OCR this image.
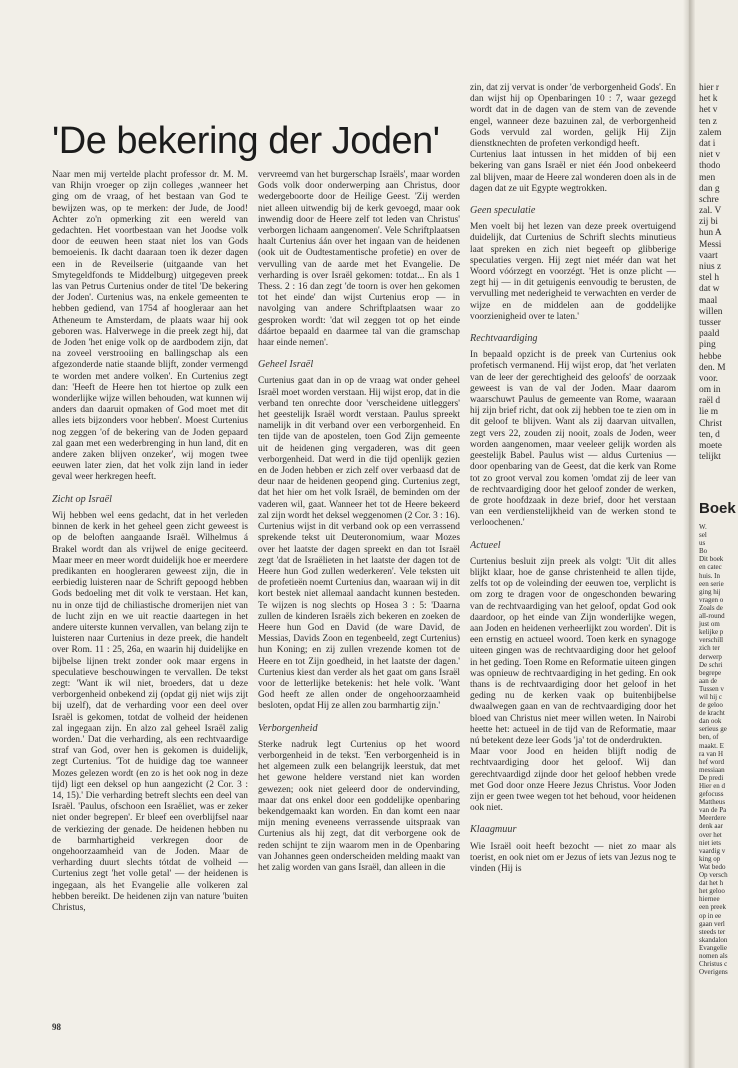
'De bekering der Joden'

Naar men mij vertelde placht professor dr. M. M. van Rhijn vroeger op zijn colleges ,wanneer het ging om de vraag, of het bestaan van God te bewijzen was, op te merken: der Jude, de Jood! Achter zo'n opmerking zit een wereld van gedachten. Het voortbestaan van het Joodse volk door de eeuwen heen staat niet los van Gods bemoeienis. Ik dacht daaraan toen ik dezer dagen een in de Reveilserie (uitgaande van het Smytegeldfonds te Middelburg) uitgegeven preek las van Petrus Curtenius onder de titel 'De bekering der Joden'. Curtenius was, na enkele gemeenten te hebben gediend, van 1754 af hoogleraar aan het Atheneum te Amsterdam, de plaats waar hij ook geboren was. Halverwege in die preek zegt hij, dat de Joden 'het enige volk op de aardbodem zijn, dat na zoveel verstrooiing en ballingschap als een afgezonderde natie staande blijft, zonder vermengd te worden met andere volken'. En Curtenius zegt dan: 'Heeft de Heere hen tot hiertoe op zulk een wonderlijke wijze willen behouden, wat kunnen wij anders dan daaruit opmaken of God moet met dit alles iets bijzonders voor hebben'. Moest Curtenius nog zeggen 'of de bekering van de Joden gepaard zal gaan met een wederbrenging in hun land, dit en andere zaken blijven onzeker', wij mogen twee eeuwen later zien, dat het volk zijn land in ieder geval weer herkregen heeft.

Zicht op Israël

Wij hebben wel eens gedacht, dat in het verleden binnen de kerk in het geheel geen zicht geweest is op de beloften aangaande Israël. Wilhelmus á Brakel wordt dan als vrijwel de enige geciteerd. Maar meer en meer wordt duidelijk hoe er meerdere predikanten en hoogleraren geweest zijn, die in eerbiedig luisteren naar de Schrift gepoogd hebben Gods bedoeling met dit volk te verstaan. Het kan, nu in onze tijd de chiliastische dromerijen niet van de lucht zijn en we uit reactie daartegen in het andere uiterste kunnen vervallen, van belang zijn te luisteren naar Curtenius in deze preek, die handelt over Rom. 11 : 25, 26a, en waarin hij duidelijke en bijbelse lijnen trekt zonder ook maar ergens in speculatieve beschouwingen te vervallen. De tekst zegt: 'Want ik wil niet, broeders, dat u deze verborgenheid onbekend zij (opdat gij niet wijs zijt bij uzelf), dat de verharding voor een deel over Israël is gekomen, totdat de volheid der heidenen zal ingegaan zijn. En alzo zal geheel Israël zalig worden.' Dat die verharding, als een rechtvaardige straf van God, over hen is gekomen is duidelijk, zegt Curtenius. 'Tot de huidige dag toe wanneer Mozes gelezen wordt (en zo is het ook nog in deze tijd) ligt een deksel op hun aangezicht (2 Cor. 3 : 14, 15).' Die verharding betreft slechts een deel van Israël. 'Paulus, ofschoon een Israëliet, was er zeker niet onder begrepen'. Er bleef een overblijfsel naar de verkiezing der genade. De heidenen hebben nu de barmhartigheid verkregen door de ongehoorzaamheid van de Joden. Maar de verharding duurt slechts tótdat de volheid — Curtenius zegt 'het volle getal' — der heidenen is ingegaan, als het Evangelie alle volkeren zal hebben bereikt. De heidenen zijn van nature 'buiten Christus,

vervreemd van het burgerschap Israëls', maar worden Gods volk door onderwerping aan Christus, door wedergeboorte door de Heilige Geest. 'Zij werden niet alleen uitwendig bij de kerk gevoegd, maar ook inwendig door de Heere zelf tot leden van Christus' verborgen lichaam aangenomen'. Vele Schriftplaatsen haalt Curtenius áán over het ingaan van de heidenen (ook uit de Oudtestamentische profetie) en over de vervulling van de aarde met het Evangelie. De verharding is over Israël gekomen: totdat... En als 1 Thess. 2 : 16 dan zegt 'de toorn is over hen gekomen tot het einde' dan wijst Curtenius erop — in navolging van andere Schriftplaatsen waar zo gesproken wordt: 'dat wil zeggen tot op het einde dáártoe bepaald en daarmee tal van die gramschap haar einde nemen'.

Geheel Israël

Curtenius gaat dan in op de vraag wat onder geheel Israël moet worden verstaan. Hij wijst erop, dat in die verband ten onrechte door 'verscheidene uitleggers' het geestelijk Israël wordt verstaan. Paulus spreekt namelijk in dit verband over een verborgenheid. En ten tijde van de apostelen, toen God Zijn gemeente uit de heidenen ging vergaderen, was dit geen verborgenheid. Dat werd in die tijd openlijk gezien en de Joden hebben er zich zelf over verbaasd dat de deur naar de heidenen geopend ging. Curtenius zegt, dat het hier om het volk Israël, de beminden om der vaderen wil, gaat. Wanneer het tot de Heere bekeerd zal zijn wordt het deksel weggenomen (2 Cor. 3 : 16). Curtenius wijst in dit verband ook op een verrassend sprekende tekst uit Deuteronomium, waar Mozes over het laatste der dagen spreekt en dan tot Israël zegt 'dat de Israëlieten in het laatste der dagen tot de Heere hun God zullen wederkeren'. Vele teksten uit de profetieën noemt Curtenius dan, waaraan wij in dit kort bestek niet allemaal aandacht kunnen besteden. Te wijzen is nog slechts op Hosea 3 : 5: 'Daarna zullen de kinderen Israëls zich bekeren en zoeken de Heere hun God en David (de ware David, de Messias, Davids Zoon en tegenbeeld, zegt Curtenius) hun Koning; en zij zullen vrezende komen tot de Heere en tot Zijn goedheid, in het laatste der dagen.' Curtenius kiest dan verder als het gaat om gans Israël voor de letterlijke betekenis: het hele volk. 'Want God heeft ze allen onder de ongehoorzaamheid besloten, opdat Hij ze allen zou barmhartig zijn.'

Verborgenheid

Sterke nadruk legt Curtenius op het woord verborgenheid in de tekst. 'Een verborgenheid is in het algemeen zulk een belangrijk leerstuk, dat met het gewone heldere verstand niet kan worden gewezen; ook niet geleerd door de ondervinding, maar dat ons enkel door een goddelijke openbaring bekendgemaakt kan worden. En dan komt een naar mijn mening eveneens verrassende uitspraak van Curtenius als hij zegt, dat dit verborgene ook de reden schijnt te zijn waarom men in de Openbaring van Johannes geen onderscheiden melding maakt van het zalig worden van gans Israël, dan alleen in die

zin, dat zij vervat is onder 'de verborgenheid Gods'. En dan wijst hij op Openbaringen 10 : 7, waar gezegd wordt dat in de dagen van de stem van de zevende engel, wanneer deze bazuinen zal, de verborgenheid Gods vervuld zal worden, gelijk Hij Zijn dienstknechten de profeten verkondigd heeft.

Curtenius laat intussen in het midden of bij een bekering van gans Israël er niet één Jood onbekeerd zal blijven, maar de Heere zal wonderen doen als in de dagen dat ze uit Egypte wegtrokken.

Geen speculatie

Men voelt bij het lezen van deze preek overtuigend duidelijk, dat Curtenius de Schrift slechts minutieus laat spreken en zich niet begeeft op glibberige speculaties vergen. Hij zegt niet méér dan wat het Woord vóórzegt en voorzégt. 'Het is onze plicht — zegt hij — in dit getuigenis eenvoudig te berusten, de vervulling met nederigheid te verwachten en verder de wijze en de middelen aan de goddelijke voorzienigheid over te laten.'

Rechtvaardiging

In bepaald opzicht is de preek van Curtenius ook profetisch vermanend. Hij wijst erop, dat 'het verlaten van de leer der gerechtigheid des geloofs' de oorzaak geweest is van de val der Joden. Maar daarom waarschuwt Paulus de gemeente van Rome, waaraan hij zijn brief richt, dat ook zij hebben toe te zien om in dit geloof te blijven. Want als zij daarvan uitvallen, zegt vers 22, zouden zij nooit, zoals de Joden, weer worden aangenomen, maar veeleer gelijk worden als geestelijk Babel. Paulus wist — aldus Curtenius — door openbaring van de Geest, dat die kerk van Rome tot zo groot verval zou komen 'omdat zij de leer van de rechtvaardiging door het geloof zonder de werken, de grote hoofdzaak in deze brief, door het verstaan van een verdienstelijkheid van de werken stond te verloochenen.'

Actueel

Curtenius besluit zijn preek als volgt: 'Uit dit alles blijkt klaar, hoe de ganse christenheid te allen tijde, zelfs tot op de voleinding der eeuwen toe, verplicht is om zorg te dragen voor de ongeschonden bewaring van de rechtvaardiging van het geloof, opdat God ook daardoor, op het einde van Zijn wonderlijke wegen, aan Joden en heidenen verheerlijkt zou worden'. Dit is een ernstig en actueel woord. Toen kerk en synagoge uiteen gingen was de rechtvaardiging door het geloof in het geding. Toen Rome en Reformatie uiteen gingen was opnieuw de rechtvaardiging in het geding. En ook thans is de rechtvaardiging door het geloof in het geding nu de kerken vaak op buitenbijbelse dwaalwegen gaan en van de rechtvaardiging door het bloed van Christus niet meer willen weten. In Nairobi heette het: actueel in de tijd van de Reformatie, maar nú betekent deze leer Gods 'ja' tot de onderdrukten.

Maar voor Jood en heiden blijft nodig de rechtvaardiging door het geloof. Wij dan gerechtvaardigd zijnde door het geloof hebben vrede met God door onze Heere Jezus Christus. Voor Joden zijn er geen twee wegen tot het behoud, voor heidenen ook niet.

Klaagmuur

Wie Israël ooit heeft bezocht — niet zo maar als toerist, en ook niet om er Jezus of iets van Jezus nog te vinden (Hij is

98
hier r
het k
het v
ten z
zalem
dat i
niet v
thodo
men
dan g
schre
zal. V
zij bi
hun A
Messi
vaart
nius z
stel h
dat w
maal
willen
tusser
paald
ping
hebbe
den. M
voor.
om in
raël d
lie m
Christ
ten, d
moete
telijkt
Boek
W.
sel
us
Bo
Dit boek
en catec
huis. In
een serie
ging hij
vragen o
Zoals de
all-round
just om
kelijke p
verschill
zich ter
derwerp
De schri
begrepe
aan de
Tussen v
wil hij c
de geloo
de kracht
dan ook
serieus ge
ben, of
maakt. E
ra van H
hef word
messiaan
De predi
Hier en d
gefocuss
Mattheus
van de Pa
Meerdere
denk aar
over het
niet iets
vaardig v
king op
Wat bedo
Op versch
dat het h
het geloo
hiernee
een preek
op in ee
gaan verl
steeds ter
skandalon
Evangelie
nomen als
Christus c
Overigens
